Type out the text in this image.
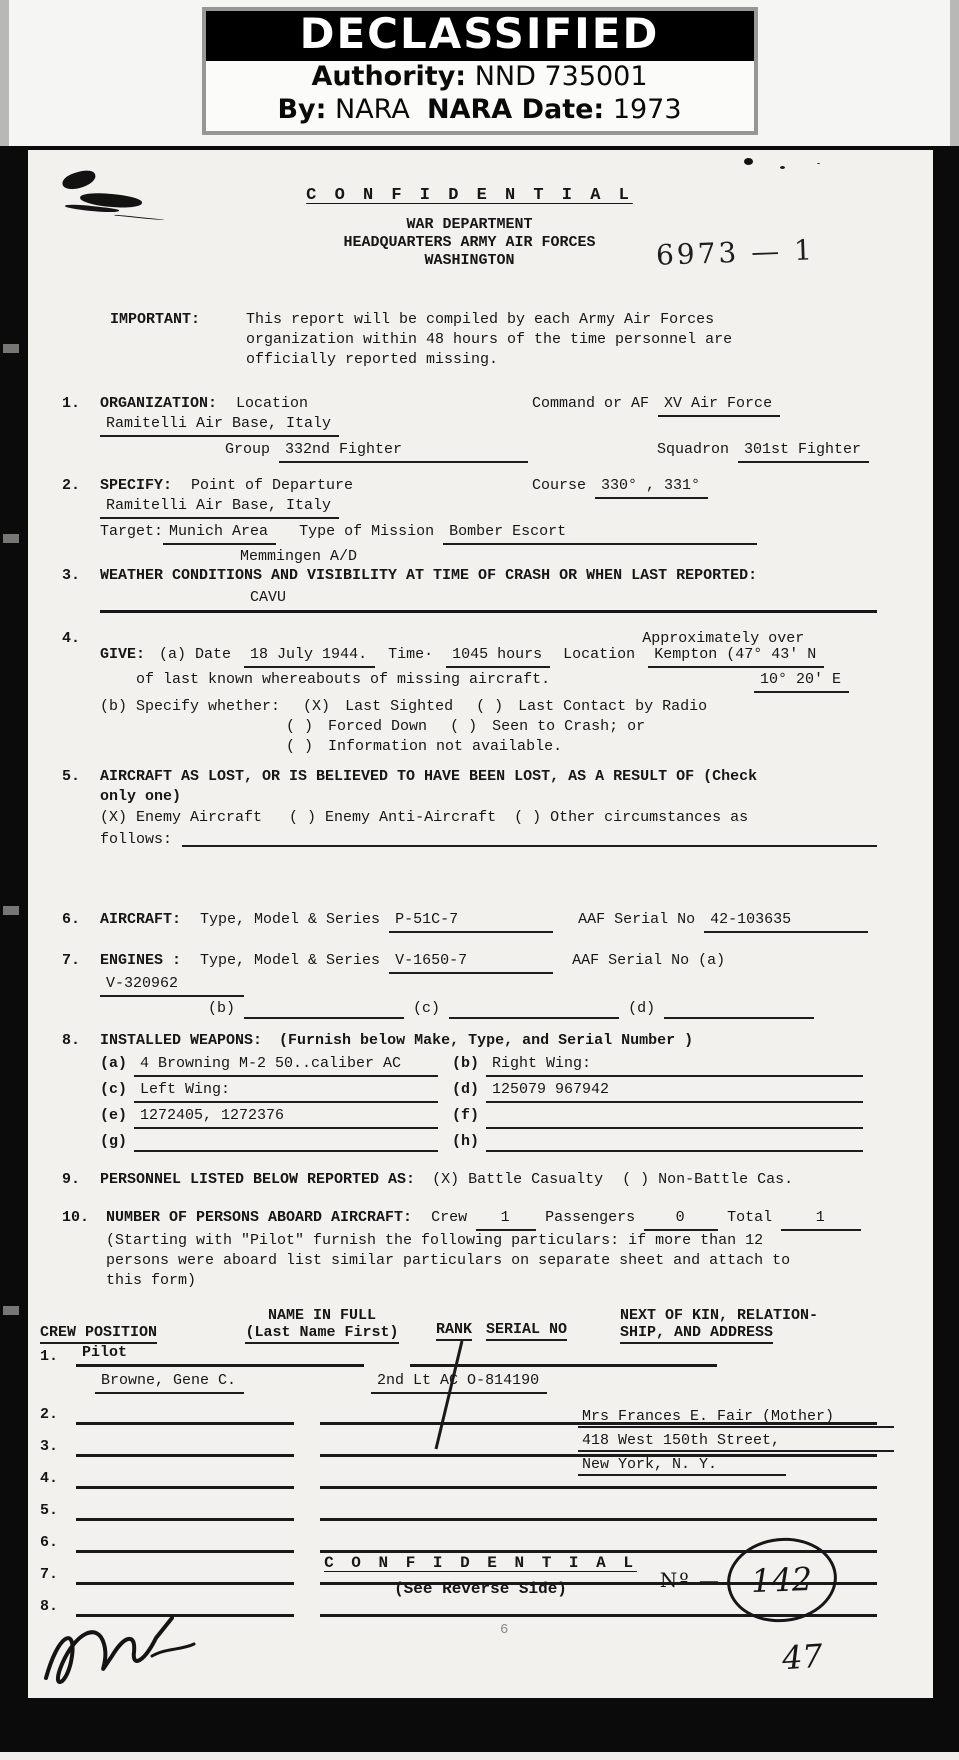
DECLASSIFIED
Authority: NND 735001
By: NARA NARA Date: 1973
6973 — 1
C O N F I D E N T I A L
WAR DEPARTMENT
HEADQUARTERS ARMY AIR FORCES
WASHINGTON
IMPORTANT:	This report will be compiled by each Army Air Forces organization within 48 hours of the time personnel are officially reported missing.
1.	ORGANIZATION: Location Ramitelli Air Base, Italy
Command or AF XV Air Force
Group 332nd Fighter	Squadron 301st Fighter
2.	SPECIFY: Point of Departure Ramitelli Air Base, Italy
Course 330° , 331°
Target: Munich Area Type of Mission Bomber Escort
Memmingen A/D
3.	WEATHER CONDITIONS AND VISIBILITY AT TIME OF CRASH OR WHEN LAST REPORTED:
CAVU
4.
GIVE: (a) Date 18 July 1944. Time· 1045 hours Location
Approximately over
Kempton (47° 43' N
of last known whereabouts of missing aircraft.	10° 20' E
(b) Specify whether: (X) Last Sighted ( ) Last Contact by Radio
( ) Forced Down ( ) Seen to Crash; or
( ) Information not available.
5.	AIRCRAFT AS LOST, OR IS BELIEVED TO HAVE BEEN LOST, AS A RESULT OF (Check only one)
(X) Enemy Aircraft ( ) Enemy Anti-Aircraft ( ) Other circumstances as
follows:
6.	AIRCRAFT: Type, Model & Series P-51C-7	AAF Serial No 42-103635
7.	ENGINES : Type, Model & Series V-1650-7	AAF Serial No (a) V-320962
(b)	(c)	(d)
8.	INSTALLED WEAPONS: (Furnish below Make, Type, and Serial Number )
(a) 4 Browning M-2 50..caliber AC	(b) Right Wing:
(c) Left Wing:	(d) 125079 967942
(e) 1272405, 1272376	(f)
(g)	(h)
9.	PERSONNEL LISTED BELOW REPORTED AS: (X) Battle Casualty ( ) Non-Battle Cas.
10.	NUMBER OF PERSONS ABOARD AIRCRAFT: Crew 1 Passengers	0	Total	1
(Starting with "Pilot" furnish the following particulars: if more than 12 persons were aboard list similar particulars on separate sheet and attach to this form)
CREW POSITION
NAME IN FULL
(Last Name First)	RANK SERIAL NO
NEXT OF KIN, RELATION-
SHIP, AND ADDRESS
1.	Pilot
Browne, Gene C.	2nd Lt AC O-814190
Mrs Frances E. Fair (Mother)
418 West 150th Street,
New York, N. Y.
2.
3.
4.
5.
6.
7.
8.
C O N F I D E N T I A L
(See Reverse Side)	Nº — 142
47
6
